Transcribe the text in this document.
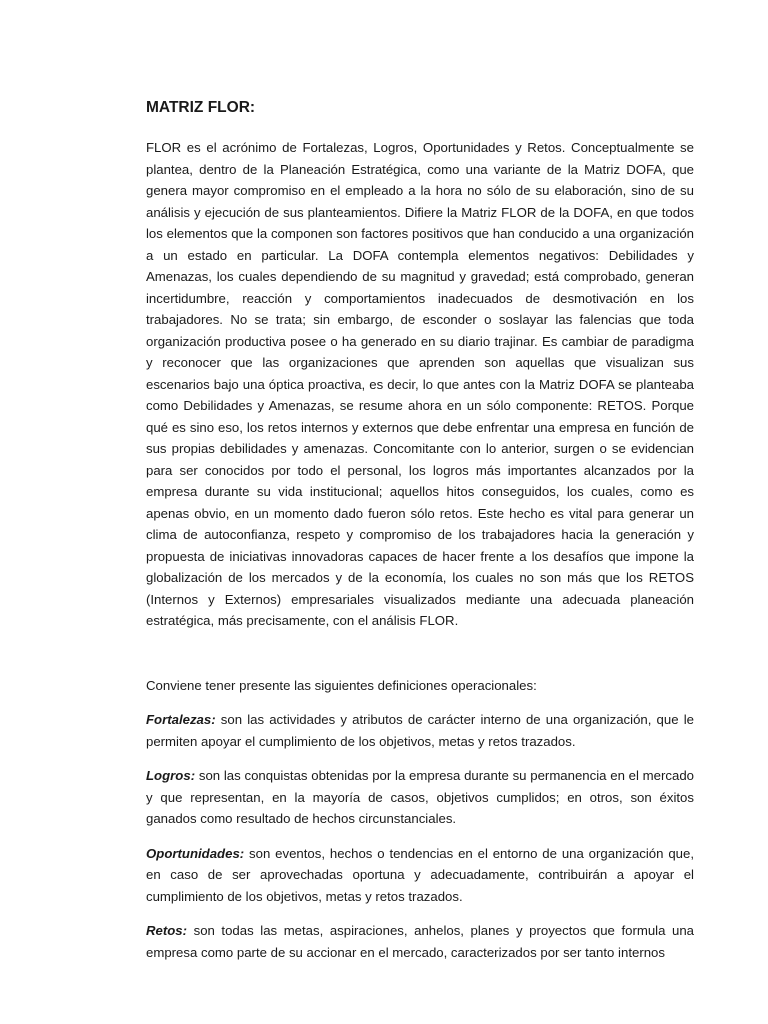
MATRIZ FLOR:

FLOR es el acrónimo de Fortalezas, Logros, Oportunidades y Retos. Conceptualmente se plantea, dentro de la Planeación Estratégica, como una variante de la Matriz DOFA, que genera mayor compromiso en el empleado a la hora no sólo de su elaboración, sino de su análisis y ejecución de sus planteamientos. Difiere la Matriz FLOR de la DOFA, en que todos los elementos que la componen son factores positivos que han conducido a una organización a un estado en particular. La DOFA contempla elementos negativos: Debilidades y Amenazas, los cuales dependiendo de su magnitud y gravedad; está comprobado, generan incertidumbre, reacción y comportamientos inadecuados de desmotivación en los trabajadores. No se trata; sin embargo, de esconder o soslayar las falencias que toda organización productiva posee o ha generado en su diario trajinar. Es cambiar de paradigma y reconocer que las organizaciones que aprenden son aquellas que visualizan sus escenarios bajo una óptica proactiva, es decir, lo que antes con la Matriz DOFA se planteaba como Debilidades y Amenazas, se resume ahora en un sólo componente: RETOS. Porque qué es sino eso, los retos internos y externos que debe enfrentar una empresa en función de sus propias debilidades y amenazas. Concomitante con lo anterior, surgen o se evidencian para ser conocidos por todo el personal, los logros más importantes alcanzados por la empresa durante su vida institucional; aquellos hitos conseguidos, los cuales, como es apenas obvio, en un momento dado fueron sólo retos. Este hecho es vital para generar un clima de autoconfianza, respeto y compromiso de los trabajadores hacia la generación y propuesta de iniciativas innovadoras capaces de hacer frente a los desafíos que impone la globalización de los mercados y de la economía, los cuales no son más que los RETOS (Internos y Externos) empresariales visualizados mediante una adecuada planeación estratégica, más precisamente, con el análisis FLOR.

Conviene tener presente las siguientes definiciones operacionales:

Fortalezas: son las actividades y atributos de carácter interno de una organización, que le permiten apoyar el cumplimiento de los objetivos, metas y retos trazados.

Logros: son las conquistas obtenidas por la empresa durante su permanencia en el mercado y que representan, en la mayoría de casos, objetivos cumplidos; en otros, son éxitos ganados como resultado de hechos circunstanciales.

Oportunidades: son eventos, hechos o tendencias en el entorno de una organización que, en caso de ser aprovechadas oportuna y adecuadamente, contribuirán a apoyar el cumplimiento de los objetivos, metas y retos trazados.

Retos: son todas las metas, aspiraciones, anhelos, planes y proyectos que formula una empresa como parte de su accionar en el mercado, caracterizados por ser tanto internos
